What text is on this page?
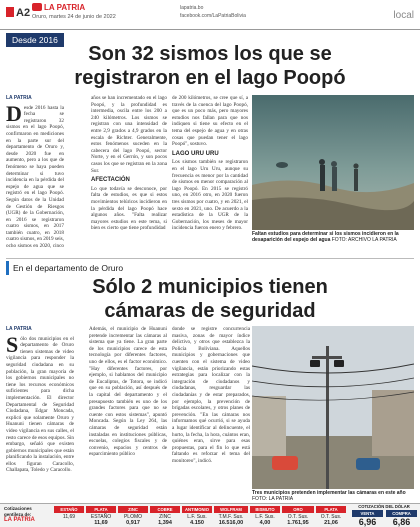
A2	LA PATRIA
Oruro, martes 24 de junio de 2022
lapatria.bo
facebook.com/LaPatriaBolivia	local
Desde 2016
Son 32 sismos los que se
registraron en el lago Poopó
LA PATRIA
D esde 2016 hasta la fecha se registraron 32 sismos en el lago Poopó, confirmaron en mediciones en la parte sur del departamento de Oruro y, desde 2020 fue en aumento, pero a los que de fenómeno se haya pueden determinar si tuvo incidencia en la pérdida del espejo de agua que se registró en el lago Poopó. Según datos de la Unidad de Gestión de Riesgos (UGR) de la Gobernación, en 2016 se registraron cuatro sismos, en 2017 también cuatro, en 2018 cuatro sismos, en 2019 seis, ocho sismos en 2020, cinco
años se han incrementado en el lago Poopó, y la profundidad es intermedia, oscila entre los 200 a 240 kilómetros. Los sismos se registran con una intensidad de entre 2,9 grados a 4,9 grados en la escala de Richter. Generalmente, estos fenómenos suceden en la cabecera del lago Poopó, sector Norte, y en el Gerrón, y son pocos casos los que se registran en la zona Sur.
AFECTACIÓN
Lo que todavía se desconoce, por falta de estudios, es que si estos movimientos telúricos incidieron en la pérdida del lago Poopó hace algunos años. "Falta realizar mayores estudios en este tema, si bien es cierto que tiene profundidad
de 200 kilómetros, se cree que sí, a través de la cuenca del lago Poopó, que es un poco más, pero mayores estudios nos fallan para que nos indiquen si tiene su efecto en el tema del espejo de agua y en otras cosas que puedan tener el lago Poopó", sostuvo.
LAGO URU URU
Los sismos también se registraron en el lago Uru Uru, aunque su frecuencia es menor por la cantidad de sismos en menor comparación al lago Poopó. En 2015 se registró uno, en 2016 otro, en 2020 fueron tres sismos por cuatro, y en 2021, el sexto en 2021, uno. De acuerdo a la estadística de la UGR de la Gobernación, los meses de mayor incidencia fueron enero y febrero.
Faltan estudios para determinar si los sismos incidieron en la desaparición del espejo del agua FOTO: ARCHIVO LA PATRIA
En el departamento de Oruro
Sólo 2 municipios tienen
cámaras de seguridad
LA PATRIA
S ólo dos municipios en el departamento de Oruro tienen sistemas de video vigilancia para responder la seguridad ciudadana en su población, la gran mayoría de los gobiernos municipales no tiene los recursos económicos suficientes para dicha implementación. El director Departamental de Seguridad Ciudadana, Edgar Moncada, explicó que solamente Oruro y Huanuni tienen cámaras de video vigilancia en sus calles, el resto carece de esos equipos. Sin embargo, señaló que existen gobiernos municipales que están planificando la instalación, entre ellos figuran Caracollo, Challapata, Toledo y Caracollo.
Además, el municipio de Huanuni pretende incrementar las cámaras al sistema que ya tiene. La gran parte de los municipios carece de esta tecnología por diferentes factores, uno de ellos, es el factor económico. "Hay diferentes factores, por ejemplo, si hablamos del municipio de Eucaliptus, de Totora, se indicó que en su población, así después de la capital del departamento y el presupuesto también es uno de los grandes factores para que no se cuente con estos sistemas", apuntó Moncada. Según la Ley 264, las cámaras de seguridad están instaladas en instituciones públicas, escuelas, colegios fiscales y de convenio, espacios y centros de esparcimiento público
donde se registre concurrencia masiva, zonas de mayor índice delictivo, y otros que establezca la Policía Boliviana. Aquellos municipios y gobernaciones que cuenten con el sistema de video vigilancia, están priorizando estas estrategias para localizar con la integración de ciudadanos y ciudadanas, resguardar las ciudadanías y de estar preparados, por ejemplo, la prevención de brigadas escolares, y otros planes de prevención. "En las cámaras nos informamos qué ocurrió, si se ayuda a lugar identificar al delincuente, el hurto, la fecha, la hora, cuántos eran, quiénes eran, sirve para esas propuestas, para el fin lo que está faltando es reforzar el tema del monitoreo", indicó.
Tres municipios pretenden implementar las cámaras en este año FOTO: LA PATRIA
Cotizaciones gentileza de:
LA PATRIA
ESTAÑO
11,69
PLATA
ESTAÑO
11,69
ZINC
PLOMO
0,917
COBRE
ZINC
1,394
ANTIMONIO
L.F. Sus.
4.150
WOLFRAM
T.M.F. Sus.
16.516,00
BISMUTO
L.F. Sus.
4,00
ORO
O.T. Sus.
1.761,95
PLATA
O.T. Sus.
21,06
COTIZACIÓN DEL DÓLAR
VENTA
6,96
COMPRA
6,86
